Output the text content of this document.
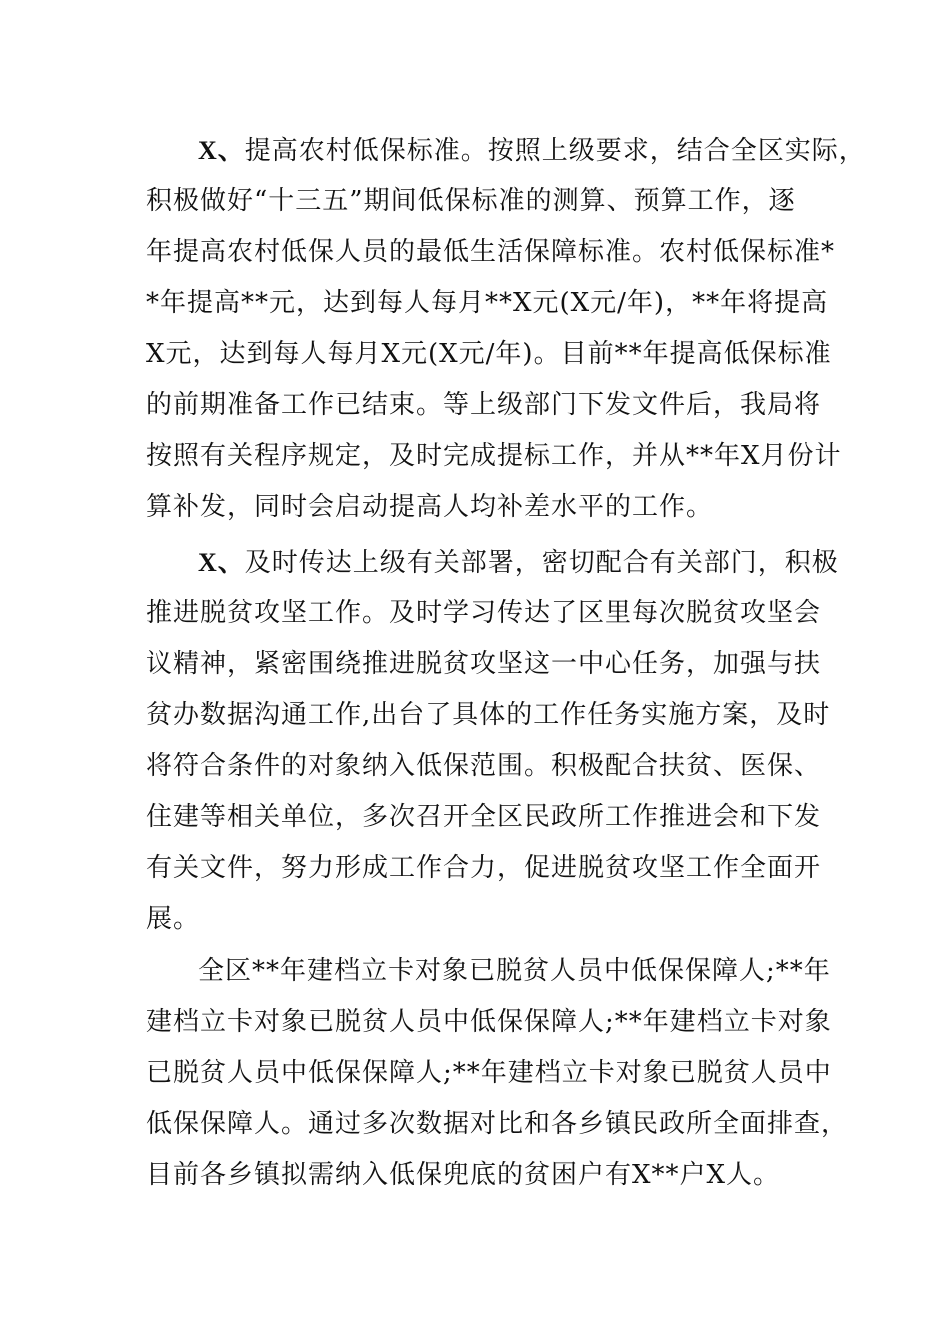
X、提高农村低保标准。按照上级要求，结合全区实际，
积极做好“十三五”期间低保标准的测算、预算工作，逐
年提高农村低保人员的最低生活保障标准。农村低保标准*
*年提高**元，达到每人每月**X元(X元/年)，**年将提高
X元，达到每人每月X元(X元/年)。目前**年提高低保标准
的前期准备工作已结束。等上级部门下发文件后，我局将
按照有关程序规定，及时完成提标工作，并从**年X月份计
算补发，同时会启动提高人均补差水平的工作。
X、及时传达上级有关部署，密切配合有关部门，积极
推进脱贫攻坚工作。及时学习传达了区里每次脱贫攻坚会
议精神，紧密围绕推进脱贫攻坚这一中心任务，加强与扶
贫办数据沟通工作,出台了具体的工作任务实施方案，及时
将符合条件的对象纳入低保范围。积极配合扶贫、医保、
住建等相关单位，多次召开全区民政所工作推进会和下发
有关文件，努力形成工作合力，促进脱贫攻坚工作全面开
展。
全区**年建档立卡对象已脱贫人员中低保保障人;**年
建档立卡对象已脱贫人员中低保保障人;**年建档立卡对象
已脱贫人员中低保保障人;**年建档立卡对象已脱贫人员中
低保保障人。通过多次数据对比和各乡镇民政所全面排查，
目前各乡镇拟需纳入低保兜底的贫困户有X**户X人。
